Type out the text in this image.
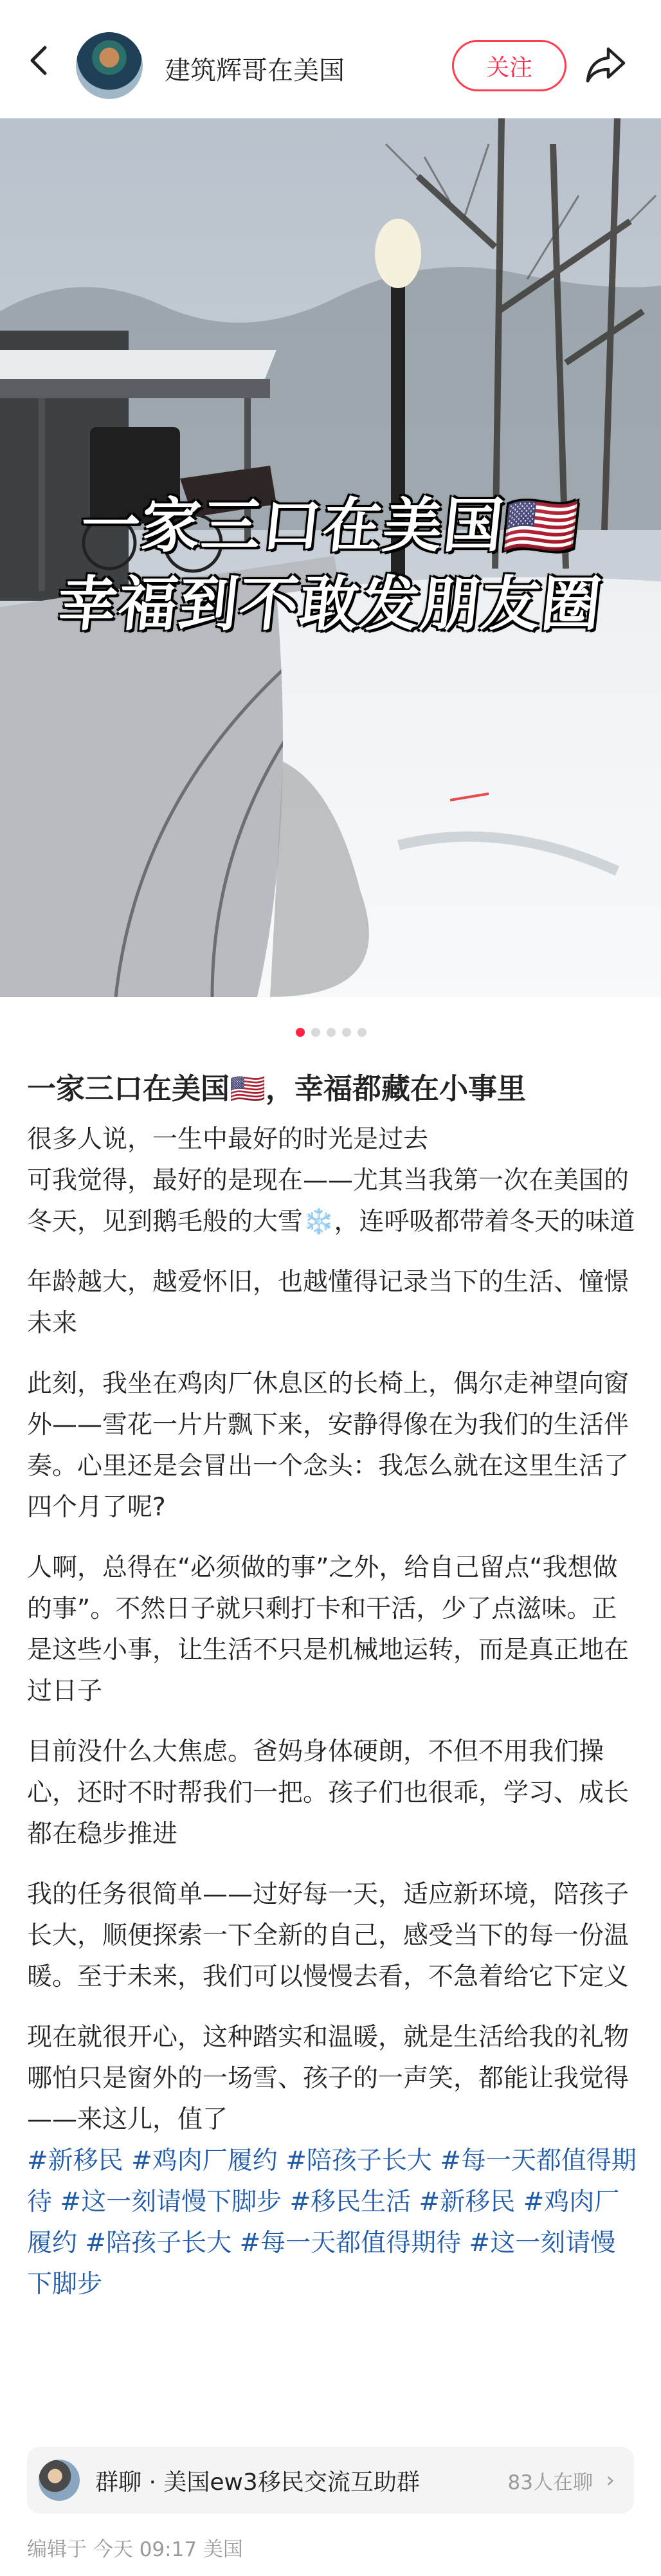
建筑辉哥在美国	关注
一家三口在美国🇺🇸
幸福到不敢发朋友圈
一家三口在美国🇺🇸，幸福都藏在小事里

很多人说，一生中最好的时光是过去
可我觉得，最好的是现在——尤其当我第一次在美国的冬天，见到鹅毛般的大雪❄️，连呼吸都带着冬天的味道

年龄越大，越爱怀旧，也越懂得记录当下的生活、憧憬未来

此刻，我坐在鸡肉厂休息区的长椅上，偶尔走神望向窗外——雪花一片片飘下来，安静得像在为我们的生活伴奏。心里还是会冒出一个念头：我怎么就在这里生活了四个月了呢?

人啊，总得在“必须做的事”之外，给自己留点“我想做的事”。不然日子就只剩打卡和干活，少了点滋味。正是这些小事，让生活不只是机械地运转，而是真正地在过日子

目前没什么大焦虑。爸妈身体硬朗，不但不用我们操心，还时不时帮我们一把。孩子们也很乖，学习、成长都在稳步推进

我的任务很简单——过好每一天，适应新环境，陪孩子长大，顺便探索一下全新的自己，感受当下的每一份温暖。至于未来，我们可以慢慢去看，不急着给它下定义

现在就很开心，这种踏实和温暖，就是生活给我的礼物
哪怕只是窗外的一场雪、孩子的一声笑，都能让我觉得——来这儿，值了

#新移民 #鸡肉厂履约 #陪孩子长大 #每一天都值得期待 #这一刻请慢下脚步 #移民生活 #新移民 #鸡肉厂履约 #陪孩子长大 #每一天都值得期待 #这一刻请慢下脚步
群聊 · 美国ew3移民交流互助群	83人在聊 ›
编辑于 今天 09:17 美国
